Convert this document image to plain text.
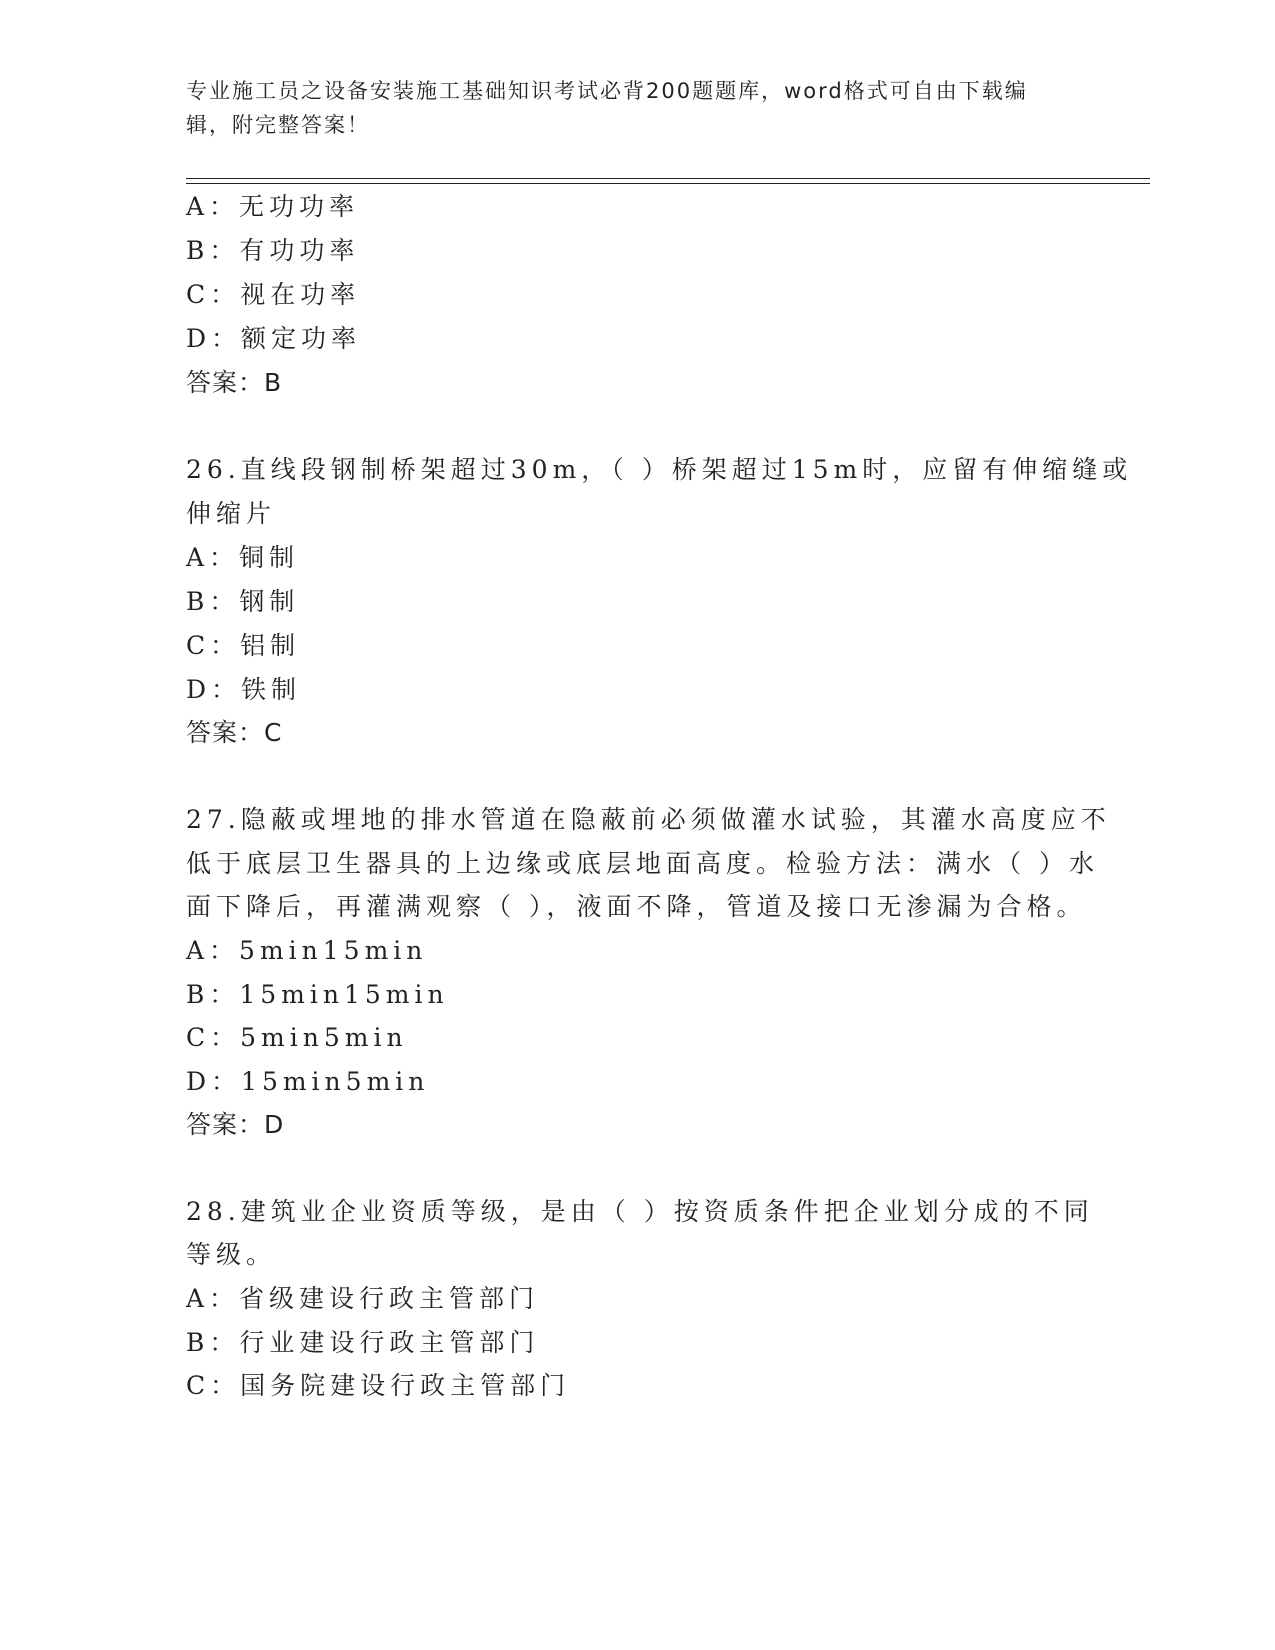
专业施工员之设备安装施工基础知识考试必背200题题库，word格式可自由下载编辑，附完整答案！
A：无功功率
B：有功功率
C：视在功率
D：额定功率
答案：B
26.直线段钢制桥架超过30m，（ ）桥架超过15m时，应留有伸缩缝或
伸缩片
A：铜制
B：钢制
C：铝制
D：铁制
答案：C
27.隐蔽或埋地的排水管道在隐蔽前必须做灌水试验，其灌水高度应不
低于底层卫生器具的上边缘或底层地面高度。检验方法：满水（ ）水
面下降后，再灌满观察（ ），液面不降，管道及接口无渗漏为合格。
A：5min15min
B：15min15min
C：5min5min
D：15min5min
答案：D
28.建筑业企业资质等级，是由（ ）按资质条件把企业划分成的不同
等级。
A：省级建设行政主管部门
B：行业建设行政主管部门
C：国务院建设行政主管部门
